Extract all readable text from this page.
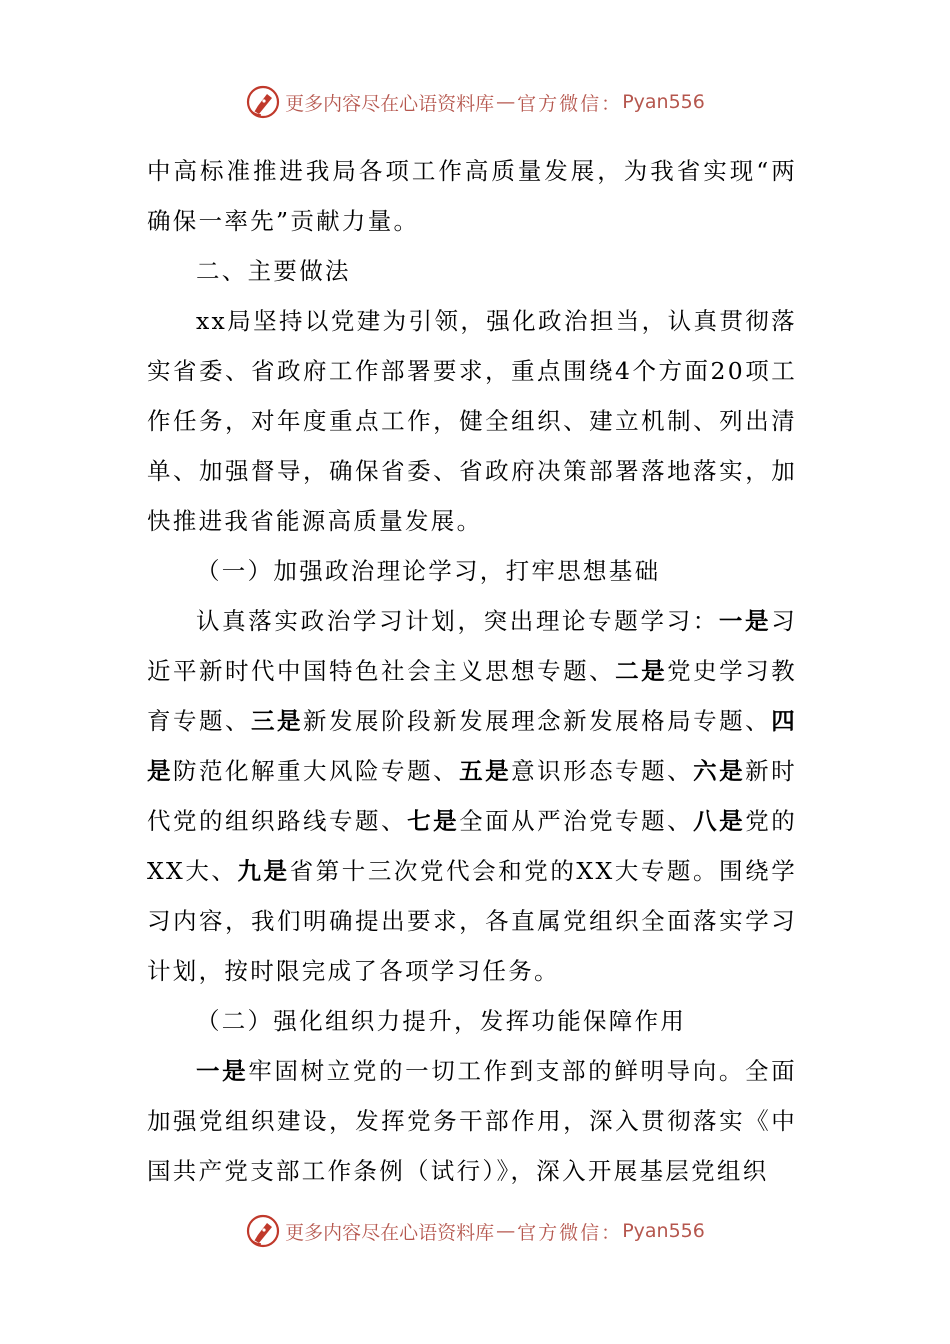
更多内容尽在心语资料库 — 官方微信： Pyan556

中高标准推进我局各项工作高质量发展，为我省实现“两确保一率先”贡献力量。

二、主要做法

xx局坚持以党建为引领，强化政治担当，认真贯彻落实省委、省政府工作部署要求，重点围绕4个方面20项工作任务，对年度重点工作，健全组织、建立机制、列出清单、加强督导，确保省委、省政府决策部署落地落实，加快推进我省能源高质量发展。

（一）加强政治理论学习，打牢思想基础

认真落实政治学习计划，突出理论专题学习：一是习近平新时代中国特色社会主义思想专题、二是党史学习教育专题、三是新发展阶段新发展理念新发展格局专题、四是防范化解重大风险专题、五是意识形态专题、六是新时代党的组织路线专题、七是全面从严治党专题、八是党的XX大、九是省第十三次党代会和党的XX大专题。围绕学习内容，我们明确提出要求，各直属党组织全面落实学习计划，按时限完成了各项学习任务。

（二）强化组织力提升，发挥功能保障作用

一是牢固树立党的一切工作到支部的鲜明导向。全面加强党组织建设，发挥党务干部作用，深入贯彻落实《中国共产党支部工作条例（试行）》，深入开展基层党组织

更多内容尽在心语资料库 — 官方微信： Pyan556
